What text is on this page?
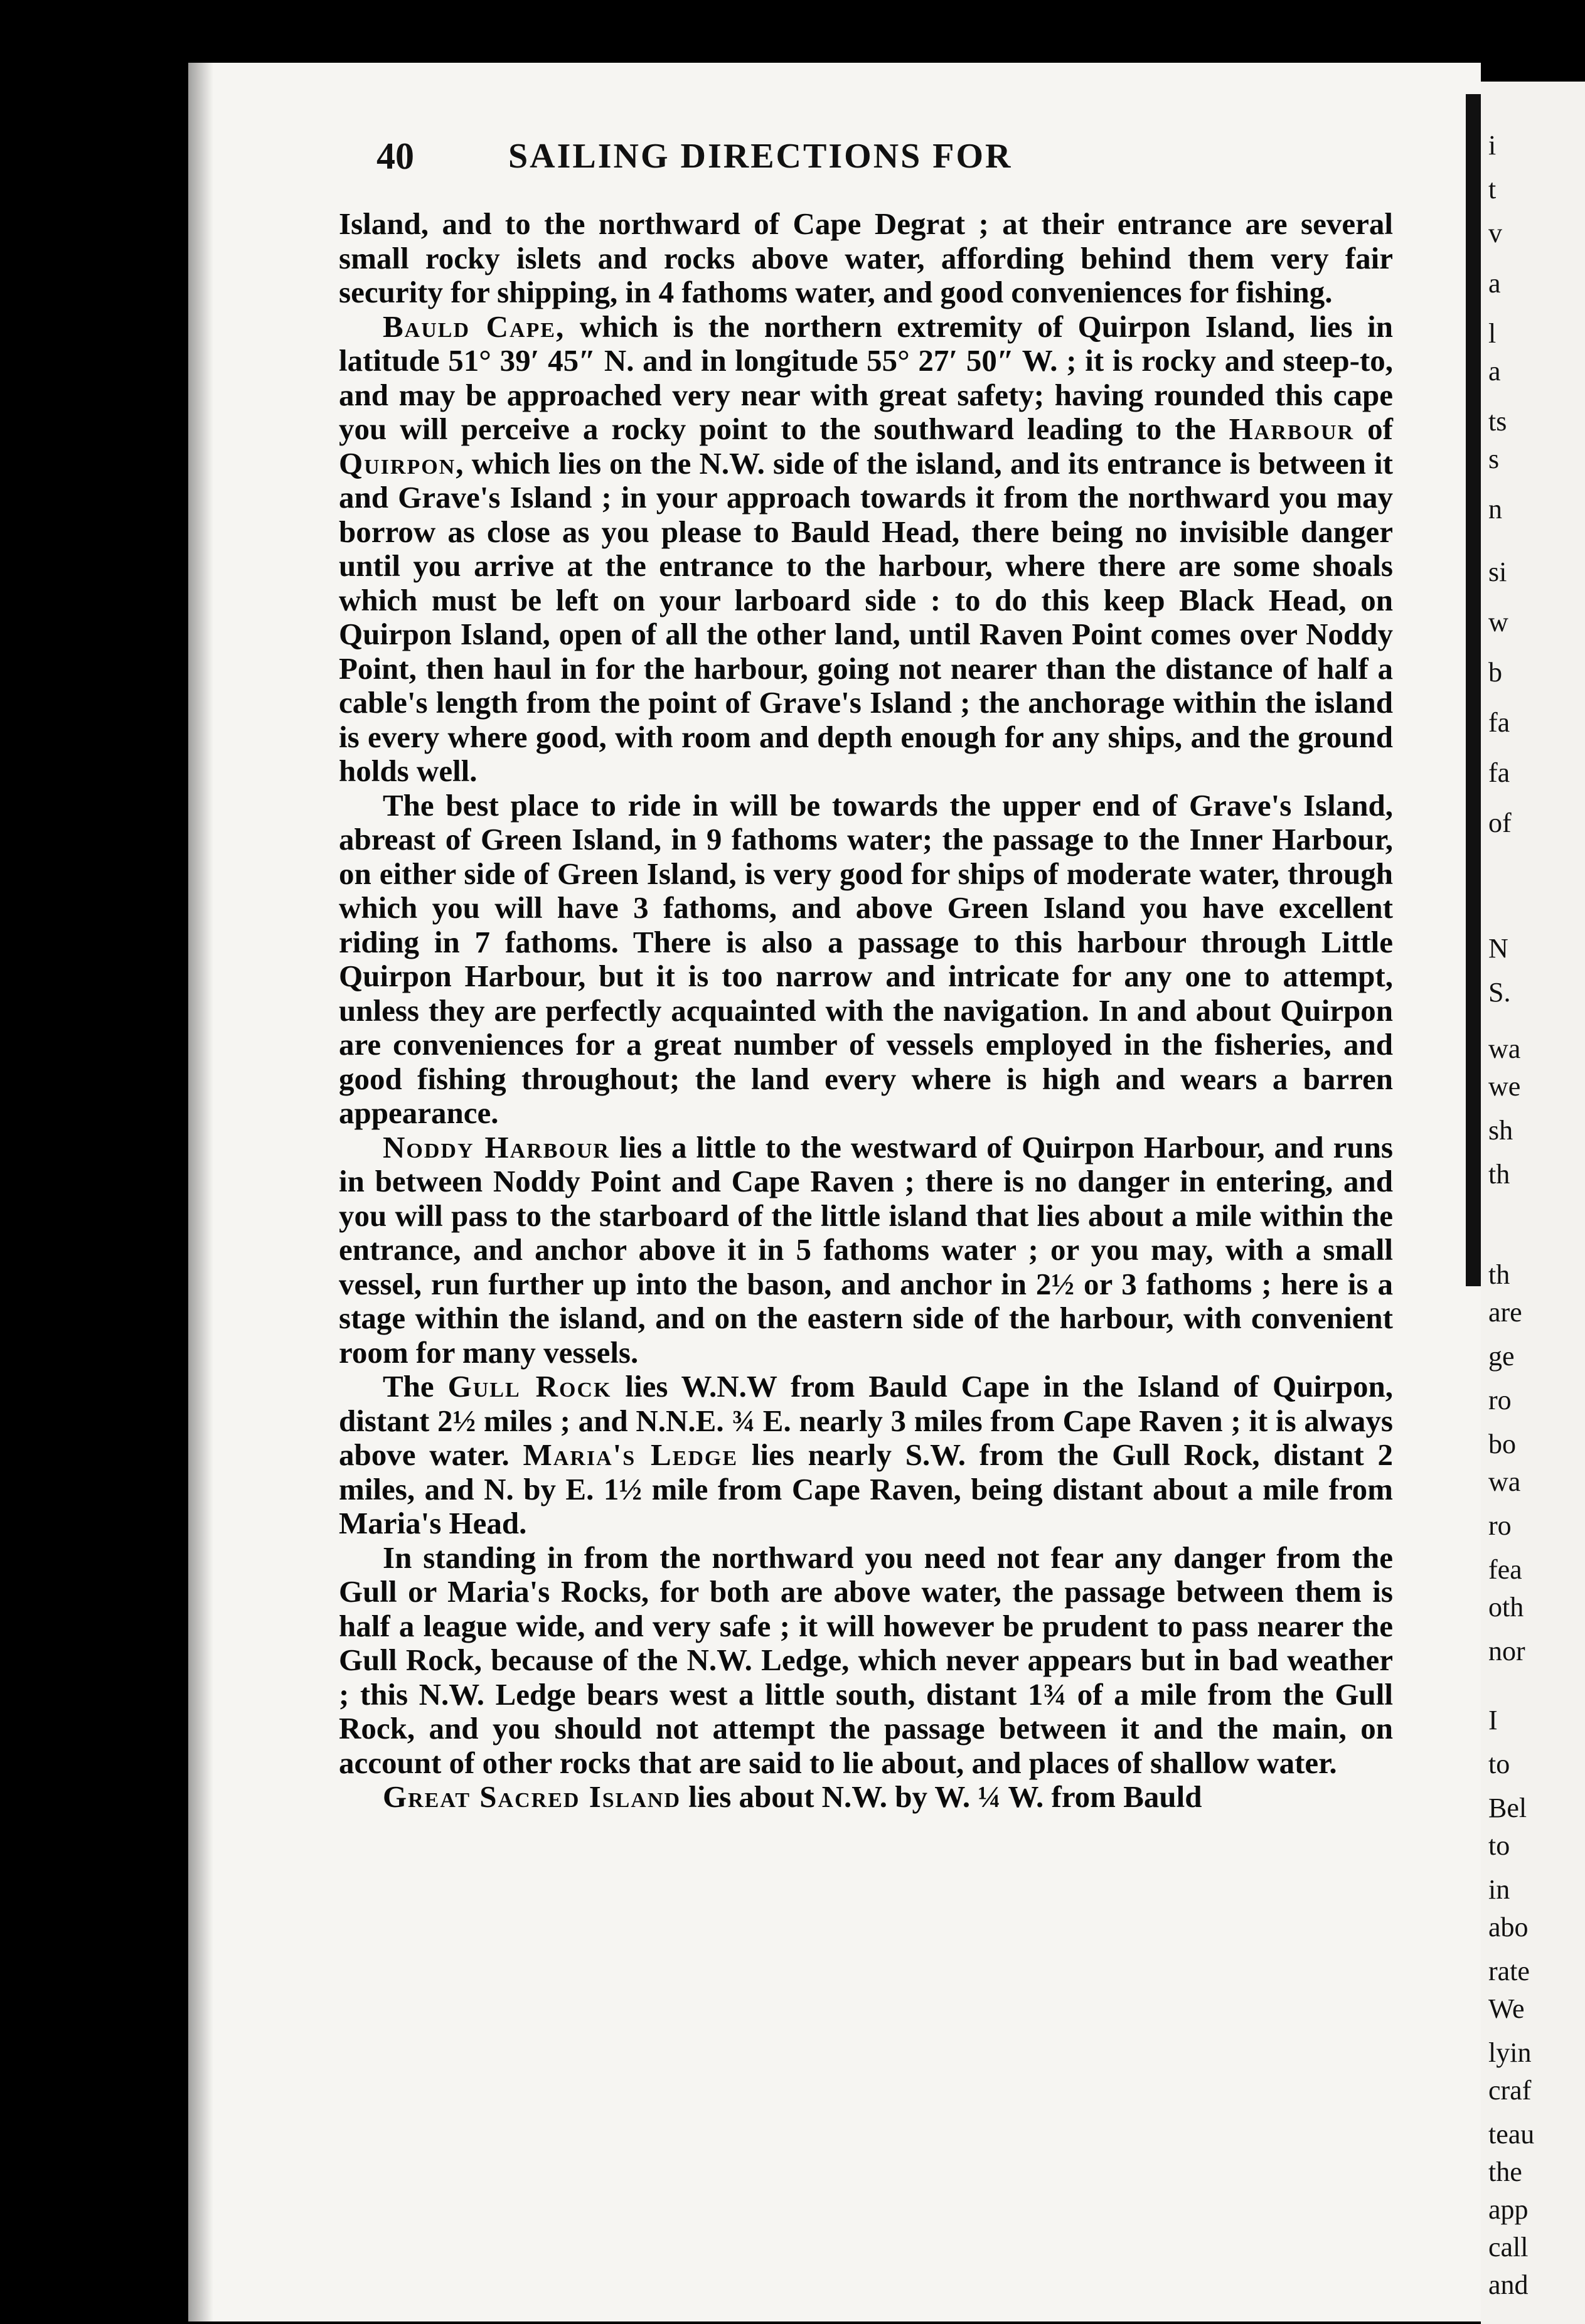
i
t
v
a
l
a
ts
s
n
si
w
b
fa
fa
of
N
S.
wa
we
sh
th
th
are
ge
ro
bo
wa
ro
fea
oth
nor
I
to
Bel
to
in
abo
rate
We
lyin
craf
teau
the
app
call
and
40	SAILING DIRECTIONS FOR

Island, and to the northward of Cape Degrat ; at their entrance are several small rocky islets and rocks above water, affording behind them very fair security for shipping, in 4 fathoms water, and good conveniences for fishing.

Bauld Cape, which is the northern extremity of Quirpon Island, lies in latitude 51° 39′ 45″ N. and in longitude 55° 27′ 50″ W. ; it is rocky and steep-to, and may be approached very near with great safety; having rounded this cape you will perceive a rocky point to the southward leading to the Harbour of Quirpon, which lies on the N.W. side of the island, and its entrance is between it and Grave's Island ; in your approach towards it from the northward you may borrow as close as you please to Bauld Head, there being no invisible danger until you arrive at the entrance to the harbour, where there are some shoals which must be left on your larboard side : to do this keep Black Head, on Quirpon Island, open of all the other land, until Raven Point comes over Noddy Point, then haul in for the harbour, going not nearer than the distance of half a cable's length from the point of Grave's Island ; the anchorage within the island is every where good, with room and depth enough for any ships, and the ground holds well.

The best place to ride in will be towards the upper end of Grave's Island, abreast of Green Island, in 9 fathoms water; the passage to the Inner Harbour, on either side of Green Island, is very good for ships of moderate water, through which you will have 3 fathoms, and above Green Island you have excellent riding in 7 fathoms. There is also a passage to this harbour through Little Quirpon Harbour, but it is too narrow and intricate for any one to attempt, unless they are perfectly acquainted with the navigation. In and about Quirpon are conveniences for a great number of vessels employed in the fisheries, and good fishing throughout; the land every where is high and wears a barren appearance.

Noddy Harbour lies a little to the westward of Quirpon Harbour, and runs in between Noddy Point and Cape Raven ; there is no danger in entering, and you will pass to the starboard of the little island that lies about a mile within the entrance, and anchor above it in 5 fathoms water ; or you may, with a small vessel, run further up into the bason, and anchor in 2½ or 3 fathoms ; here is a stage within the island, and on the eastern side of the harbour, with convenient room for many vessels.

The Gull Rock lies W.N.W from Bauld Cape in the Island of Quirpon, distant 2½ miles ; and N.N.E. ¾ E. nearly 3 miles from Cape Raven ; it is always above water. Maria's Ledge lies nearly S.W. from the Gull Rock, distant 2 miles, and N. by E. 1½ mile from Cape Raven, being distant about a mile from Maria's Head.

In standing in from the northward you need not fear any danger from the Gull or Maria's Rocks, for both are above water, the passage between them is half a league wide, and very safe ; it will however be prudent to pass nearer the Gull Rock, because of the N.W. Ledge, which never appears but in bad weather ; this N.W. Ledge bears west a little south, distant 1¾ of a mile from the Gull Rock, and you should not attempt the passage between it and the main, on account of other rocks that are said to lie about, and places of shallow water.

Great Sacred Island lies about N.W. by W. ¼ W. from Bauld
